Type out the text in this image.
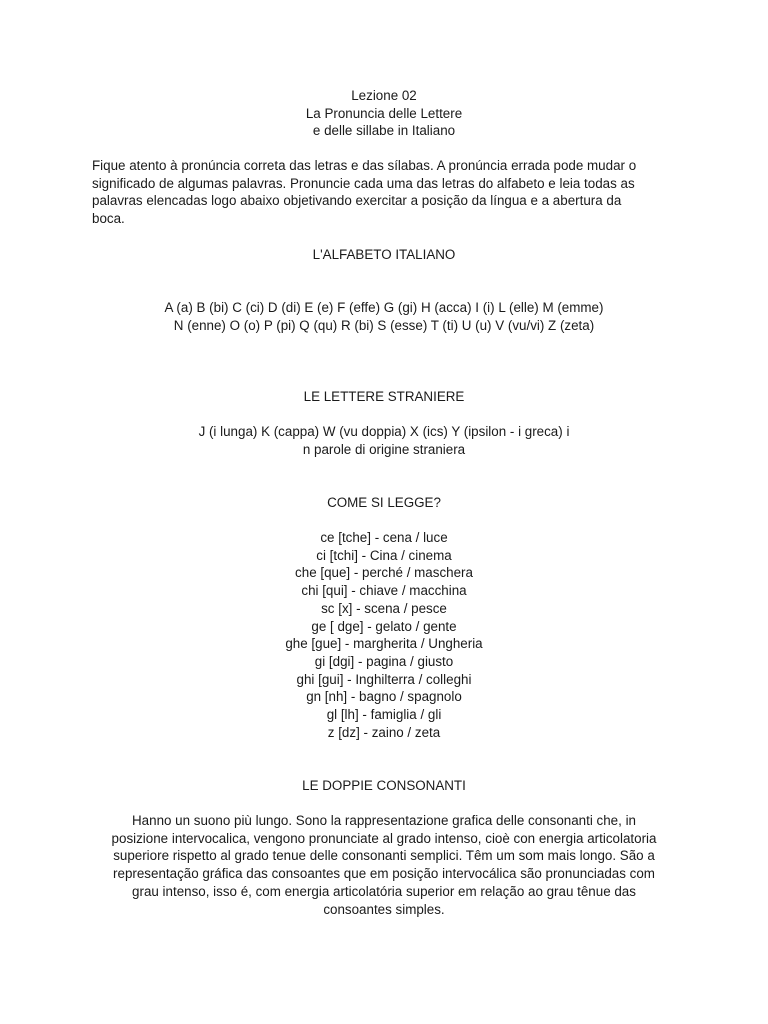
Lezione 02
La Pronuncia delle Lettere
e delle sillabe in Italiano
Fique atento à pronúncia correta das letras e das sílabas. A pronúncia errada pode mudar o
significado de algumas palavras. Pronuncie cada uma das letras do alfabeto e leia todas as
palavras elencadas logo abaixo objetivando exercitar a posição da língua e a abertura da
boca.
L'ALFABETO ITALIANO
A (a) B (bi) C (ci) D (di) E (e) F (effe) G (gi) H (acca) I (i) L (elle) M (emme)
N (enne) O (o) P (pi) Q (qu) R (bi) S (esse) T (ti) U (u) V (vu/vi) Z (zeta)
LE LETTERE STRANIERE
J (i lunga) K (cappa) W (vu doppia) X (ics) Y (ipsilon - i greca) i
n parole di origine straniera
COME SI LEGGE?
ce [tche] - cena / luce
ci [tchi] - Cina / cinema
che [que] - perché / maschera
chi [qui] - chiave / macchina
sc [x] - scena / pesce
ge [ dge] - gelato / gente
ghe [gue] - margherita / Ungheria
gi [dgi] - pagina / giusto
ghi [gui] - Inghilterra / colleghi
gn [nh] - bagno / spagnolo
gl [lh] - famiglia / gli
z [dz] - zaino / zeta
LE DOPPIE CONSONANTI
Hanno un suono più lungo. Sono la rappresentazione grafica delle consonanti che, in
posizione intervocalica, vengono pronunciate al grado intenso, cioè con energia articolatoria
superiore rispetto al grado tenue delle consonanti semplici. Têm um som mais longo. São a
representação gráfica das consoantes que em posição intervocálica são pronunciadas com
grau intenso, isso é, com energia articolatória superior em relação ao grau tênue das
consoantes simples.
